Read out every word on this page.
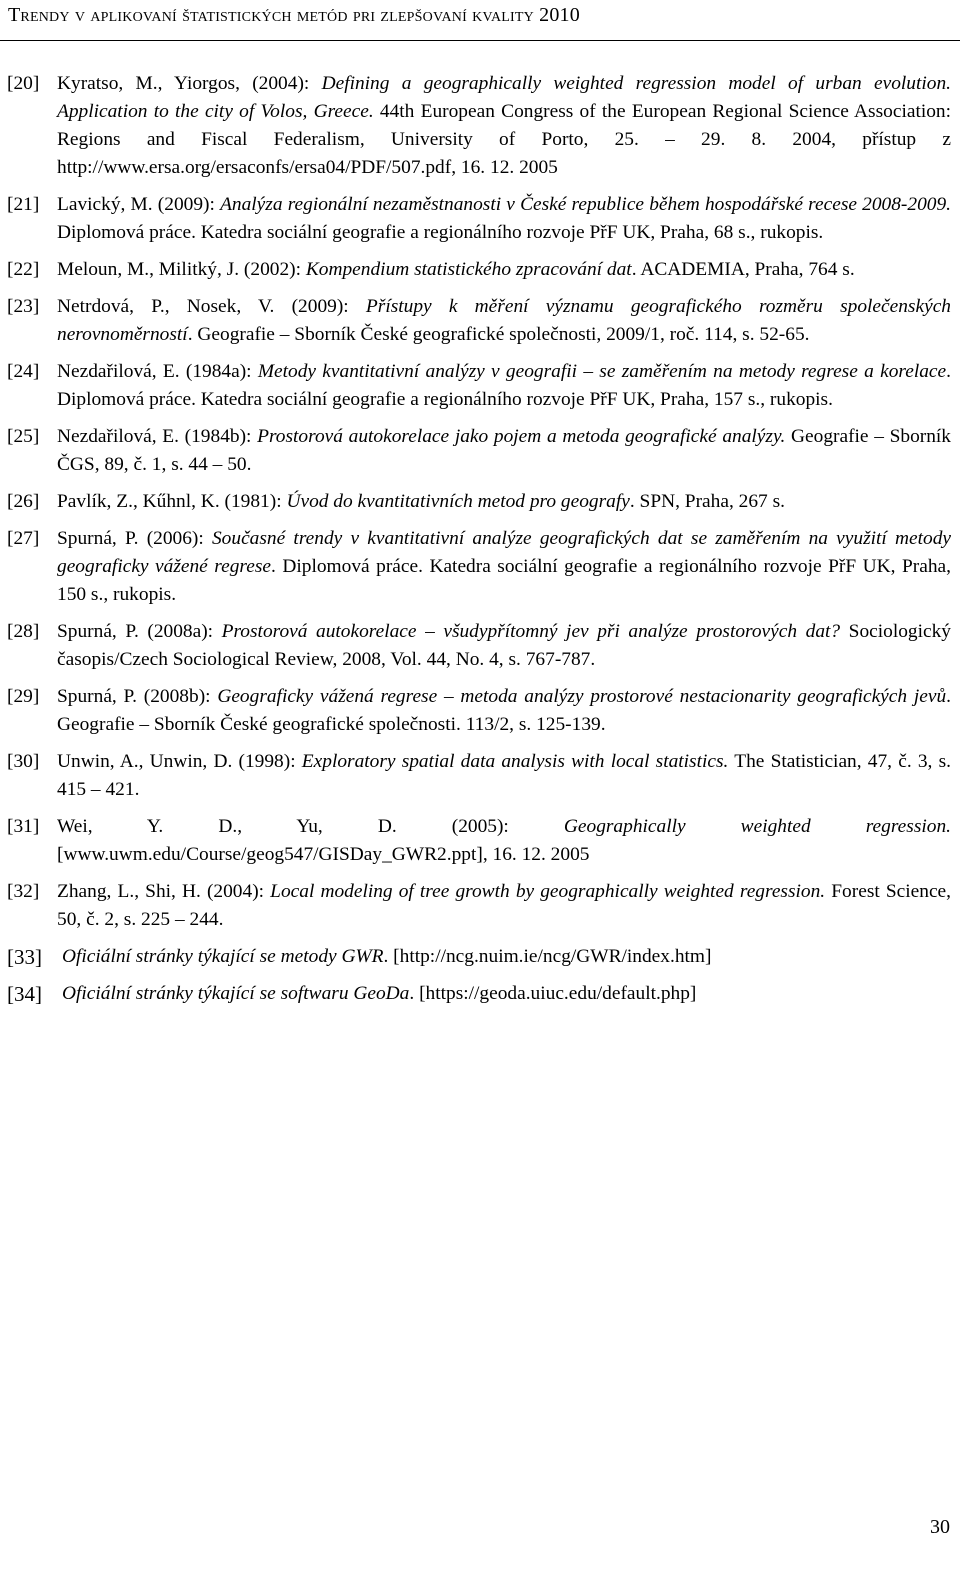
Trendy v aplikovaní štatistických metód pri zlepšovaní kvality 2010
[20] Kyratso, M., Yiorgos, (2004): Defining a geographically weighted regression model of urban evolution. Application to the city of Volos, Greece. 44th European Congress of the European Regional Science Association: Regions and Fiscal Federalism, University of Porto, 25. – 29. 8. 2004, přístup z http://www.ersa.org/ersaconfs/ersa04/PDF/507.pdf, 16. 12. 2005
[21] Lavický, M. (2009): Analýza regionální nezaměstnanosti v České republice během hospodářské recese 2008-2009. Diplomová práce. Katedra sociální geografie a regionálního rozvoje PřF UK, Praha, 68 s., rukopis.
[22] Meloun, M., Militký, J. (2002): Kompendium statistického zpracování dat. ACADEMIA, Praha, 764 s.
[23] Netrdová, P., Nosek, V. (2009): Přístupy k měření významu geografického rozměru společenských nerovnoměrností. Geografie – Sborník České geografické společnosti, 2009/1, roč. 114, s. 52-65.
[24] Nezdařilová, E. (1984a): Metody kvantitativní analýzy v geografii – se zaměřením na metody regrese a korelace. Diplomová práce. Katedra sociální geografie a regionálního rozvoje PřF UK, Praha, 157 s., rukopis.
[25] Nezdařilová, E. (1984b): Prostorová autokorelace jako pojem a metoda geografické analýzy. Geografie – Sborník ČGS, 89, č. 1, s. 44 – 50.
[26] Pavlík, Z., Kűhnl, K. (1981): Úvod do kvantitativních metod pro geografy. SPN, Praha, 267 s.
[27] Spurná, P. (2006): Současné trendy v kvantitativní analýze geografických dat se zaměřením na využití metody geograficky vážené regrese. Diplomová práce. Katedra sociální geografie a regionálního rozvoje PřF UK, Praha, 150 s., rukopis.
[28] Spurná, P. (2008a): Prostorová autokorelace – všudypřítomný jev při analýze prostorových dat? Sociologický časopis/Czech Sociological Review, 2008, Vol. 44, No. 4, s. 767-787.
[29] Spurná, P. (2008b): Geograficky vážená regrese – metoda analýzy prostorové nestacionarity geografických jevů. Geografie – Sborník České geografické společnosti. 113/2, s. 125-139.
[30] Unwin, A., Unwin, D. (1998): Exploratory spatial data analysis with local statistics. The Statistician, 47, č. 3, s. 415 – 421.
[31] Wei, Y. D., Yu, D. (2005): Geographically weighted regression. [www.uwm.edu/Course/geog547/GISDay_GWR2.ppt], 16. 12. 2005
[32] Zhang, L., Shi, H. (2004): Local modeling of tree growth by geographically weighted regression. Forest Science, 50, č. 2, s. 225 – 244.
[33]	Oficiální stránky týkající se metody GWR. [http://ncg.nuim.ie/ncg/GWR/index.htm]
[34]	Oficiální stránky týkající se softwaru GeoDa. [https://geoda.uiuc.edu/default.php]
30
